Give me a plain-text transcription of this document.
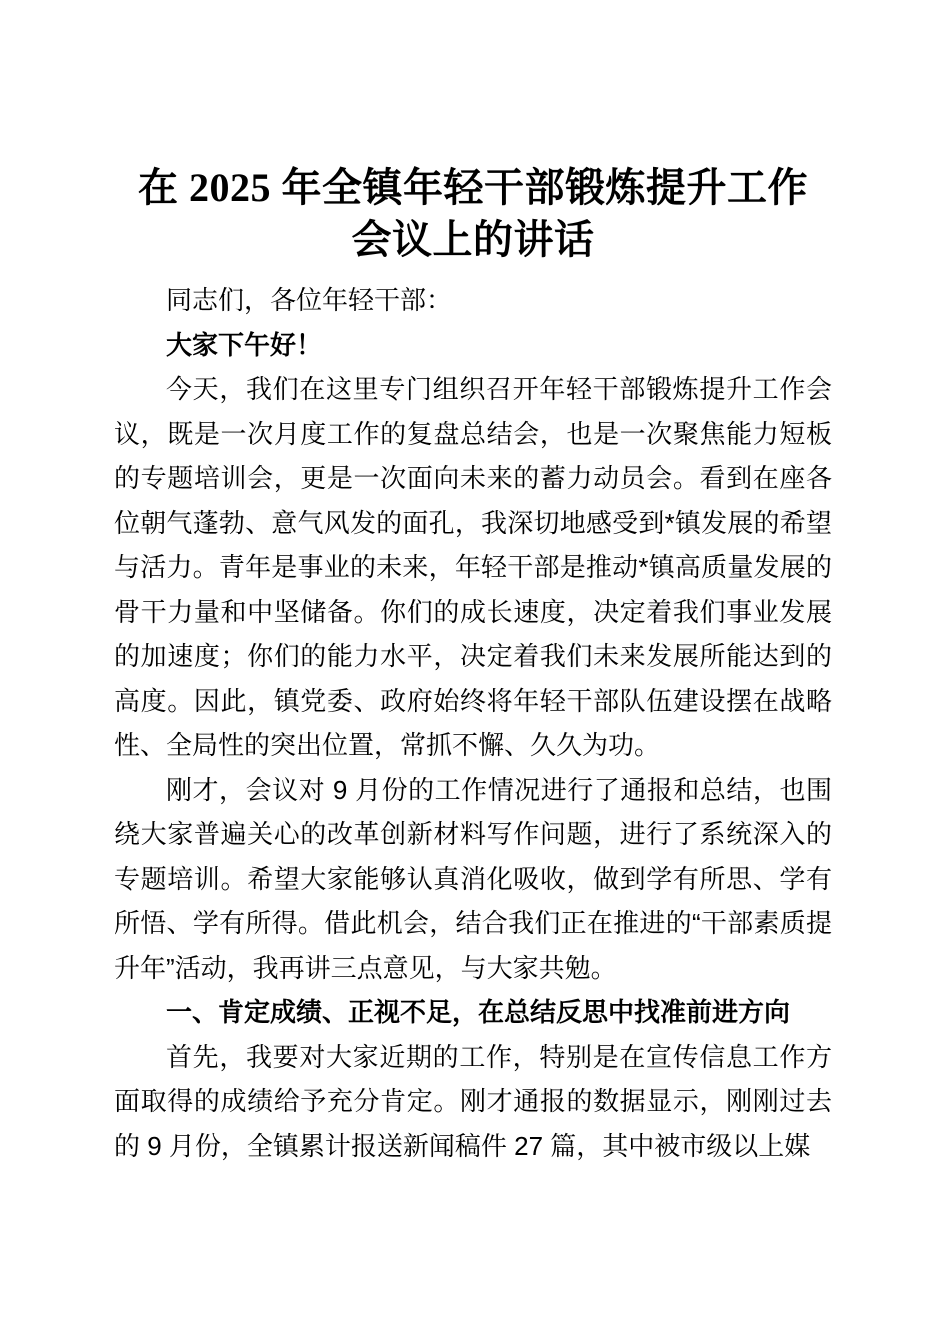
在 2025 年全镇年轻干部锻炼提升工作
会议上的讲话

同志们，各位年轻干部：

大家下午好！

今天，我们在这里专门组织召开年轻干部锻炼提升工作会议，既是一次月度工作的复盘总结会，也是一次聚焦能力短板的专题培训会，更是一次面向未来的蓄力动员会。看到在座各位朝气蓬勃、意气风发的面孔，我深切地感受到*镇发展的希望与活力。青年是事业的未来，年轻干部是推动*镇高质量发展的骨干力量和中坚储备。你们的成长速度，决定着我们事业发展的加速度；你们的能力水平，决定着我们未来发展所能达到的高度。因此，镇党委、政府始终将年轻干部队伍建设摆在战略性、全局性的突出位置，常抓不懈、久久为功。

刚才，会议对 9 月份的工作情况进行了通报和总结，也围绕大家普遍关心的改革创新材料写作问题，进行了系统深入的专题培训。希望大家能够认真消化吸收，做到学有所思、学有所悟、学有所得。借此机会，结合我们正在推进的“干部素质提升年”活动，我再讲三点意见，与大家共勉。

一、肯定成绩、正视不足，在总结反思中找准前进方向

首先，我要对大家近期的工作，特别是在宣传信息工作方面取得的成绩给予充分肯定。刚才通报的数据显示，刚刚过去的 9 月份，全镇累计报送新闻稿件 27 篇，其中被市级以上媒
